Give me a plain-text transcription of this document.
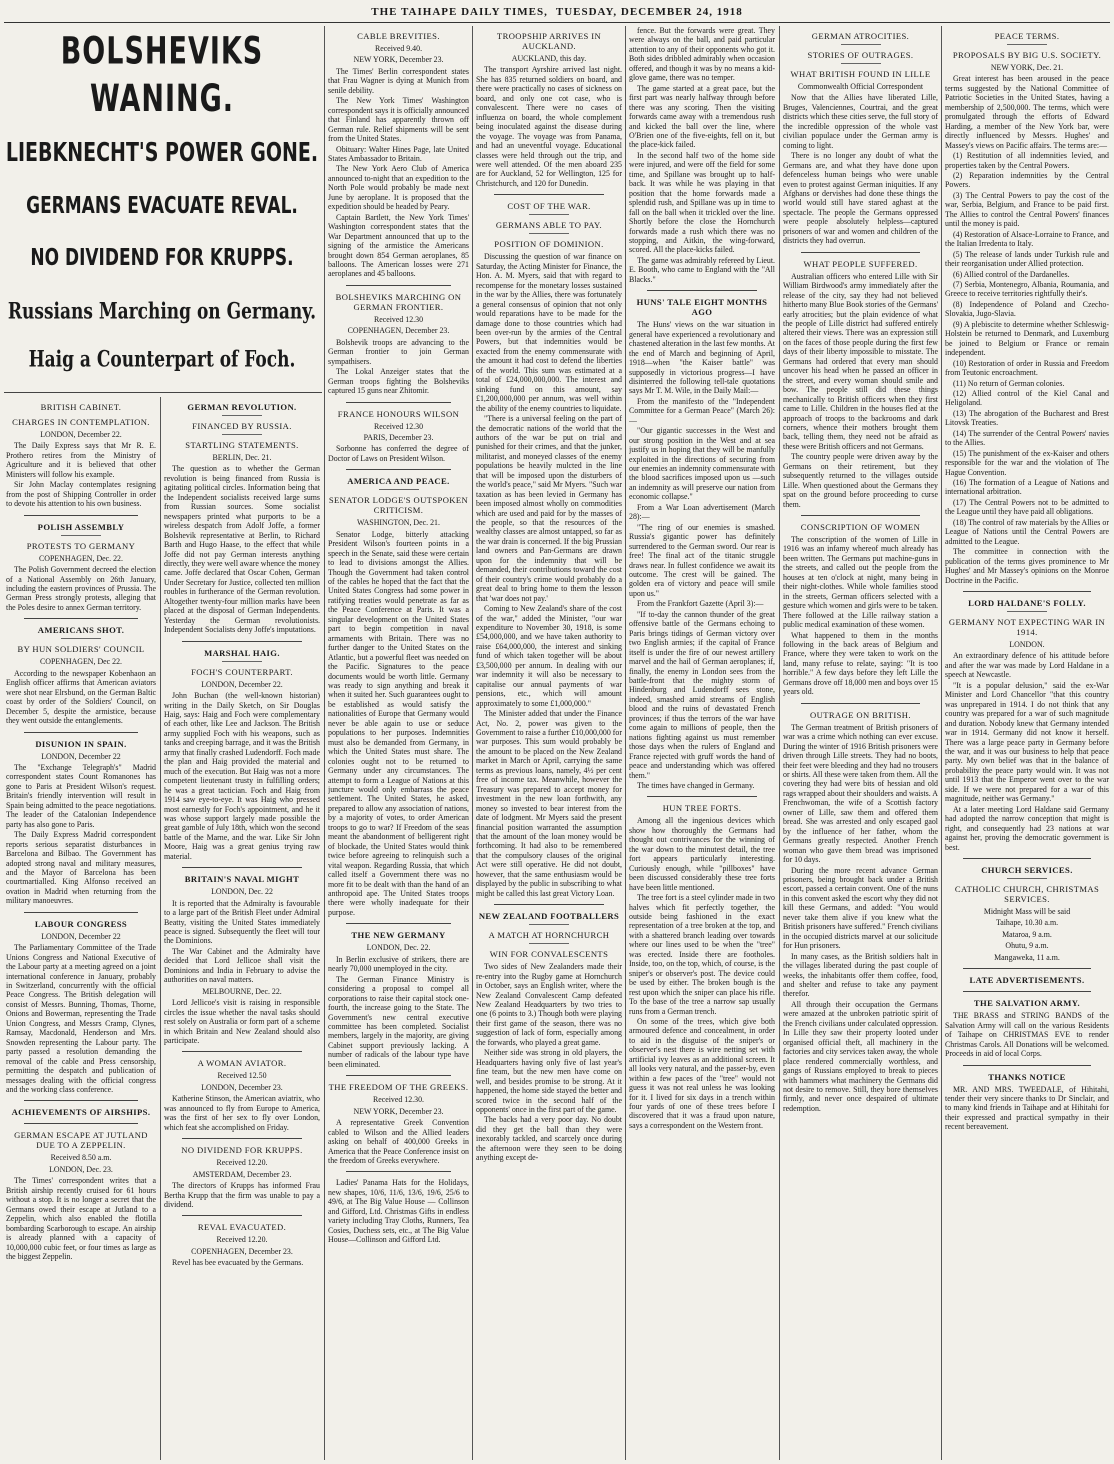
THE TAIHAPE DAILY TIMES, TUESDAY, DECEMBER 24, 1918
BOLSHEVIKS WANING.
LIEBKNECHT'S POWER GONE.
GERMANS EVACUATE REVAL.
NO DIVIDEND FOR KRUPPS.
Russians Marching on Germany.
Haig a Counterpart of Foch.
BRITISH CABINET.
CHARGES IN CONTEMPLATION.
LONDON, December 22.

The Daily Express says that Mr R. E. Prothero retires from the Ministry of Agriculture and it is believed that other Ministers will follow his example.

Sir John Maclay contemplates resigning from the post of Shipping Controller in order to devote his attention to his own business.

POLISH ASSEMBLY
PROTESTS TO GERMANY
COPENHAGEN, Dec. 22.

The Polish Government decreed the election of a National Assembly on 26th January, including the eastern provinces of Prussia. The German Press strongly protests, alleging that the Poles desire to annex German territory.

AMERICANS SHOT.
BY HUN SOLDIERS' COUNCIL
COPENHAGEN, Dec 22.

According to the newspaper Kobenhaon an English officer affirms that American aviators were shot near Elrsbund, on the German Baltic coast by order of the Soldiers' Council, on December 5, despite the armistice, because they went outside the entanglements.

DISUNION IN SPAIN.
LONDON, December 22

The "Exchange Telegraph's" Madrid correspondent states Count Romanones has gone to Paris at President Wilson's request. Britain's friendly intervention will result in Spain being admitted to the peace negotiations. The leader of the Catalonian Independence party has also gone to Paris.

The Daily Express Madrid correspondent reports serious separatist disturbances in Barcelona and Bilbao. The Government has adopted strong naval and military measures, and the Mayor of Barcelona has been courtmartialled. King Alfonso received an ovation in Madrid when returning from the military manoeuvres.

LABOUR CONGRESS
LONDON, December 22

The Parliamentary Committee of the Trade Unions Congress and National Executive of the Labour party at a meeting agreed on a joint international conference in January, probably in Switzerland, concurrently with the official Peace Congress. The British delegation will consist of Messrs. Bunning, Thomas, Thorne, Onions and Bowerman, representing the Trade Union Congress, and Messrs Cramp, Clynes, Ramsay, Macdonald, Henderson and Mrs. Snowden representing the Labour party. The party passed a resolution demanding the removal of the cable and Press censorship, permitting the despatch and publication of messages dealing with the official congress and the working class conference.

ACHIEVEMENTS OF AIRSHIPS.
GERMAN ESCAPE AT JUTLAND DUE TO A ZEPPELIN.
Received 8.50 a.m.
LONDON, Dec. 23.

The Times' correspondent writes that a British airship recently cruised for 61 hours without a stop. It is no longer a secret that the Germans owed their escape at Jutland to a Zeppelin, which also enabled the flotilla bombarding Scarborough to escape. An airship is already planned with a capacity of 10,000,000 cubic feet, or four times as large as the biggest Zeppelin.

GERMAN REVOLUTION.
FINANCED BY RUSSIA.
STARTLING STATEMENTS.
BERLIN, Dec. 21.

The question as to whether the German revolution is being financed from Russia is agitating political circles. Information being that the Independent socialists received large sums from Russian sources. Some socialist newspapers printed what purports to be a wireless despatch from Adolf Joffe, a former Bolshevik representative at Berlin, to Richard Barth and Hugo Haase, to the effect that while Joffe did not pay German interests anything directly, they were well aware whence the money came. Joffe declared that Oscar Cohen, German Under Secretary for Justice, collected ten million roubles in furtherance of the German revolution. Altogether twenty-four million marks have been placed at the disposal of German Independents. Yesterday the German revolutionists. Independent Socialists deny Joffe's imputations.

MARSHAL HAIG.
FOCH'S COUNTERPART.
LONDON, December 22.

John Buchan (the well-known historian) writing in the Daily Sketch, on Sir Douglas Haig, says: Haig and Foch were complementary of each other, like Lee and Jackson. The British army supplied Foch with his weapons, such as tanks and creeping barrage, and it was the British army that finally crashed Ludendorff. Foch made the plan and Haig provided the material and much of the execution. But Haig was not a more competent lieutenant trusty in fulfilling orders; he was a great tactician. Foch and Haig from 1914 saw eye-to-eye. It was Haig who pressed most earnestly for Foch's appointment, and he it was whose support largely made possible the great gamble of July 18th, which won the second battle of the Marne, and the war. Like Sir John Moore, Haig was a great genius trying raw material.

BRITAIN'S NAVAL MIGHT
LONDON, Dec. 22

It is reported that the Admiralty is favourable to a large part of the British Fleet under Admiral Beatty, visiting the United States immediately peace is signed. Subsequently the fleet will tour the Dominions.

The War Cabinet and the Admiralty have decided that Lord Jellicoe shall visit the Dominions and India in February to advise the authorities on naval matters.

MELBOURNE, Dec. 22.

Lord Jellicoe's visit is raising in responsible circles the issue whether the naval tasks should rest solely on Australia or form part of a scheme in which Britain and New Zealand should also participate.

A WOMAN AVIATOR.
Received 12.50
LONDON, December 23.

Katherine Stinson, the American aviatrix, who was announced to fly from Europe to America, was the first of her sex to fly over London, which feat she accomplished on Friday.

NO DIVIDEND FOR KRUPPS.
Received 12.20.
AMSTERDAM, December 23.

The directors of Krupps has informed Frau Bertha Krupp that the firm was unable to pay a dividend.

REVAL EVACUATED.
Received 12.20.
COPENHAGEN, December 23.

Revel has bee evacuated by the Germans.

CABLE BREVITIES.
Received 9.40.
NEW YORK, December 23.

The Times' Berlin correspondent states that Frau Wagner is dying at Munich from senile debility.

The New York Times' Washington correspondent says it is officially announced that Finland has apparently thrown off German rule. Relief shipments will be sent from the United States.

Obituary: Walter Hines Page, late United States Ambassador to Britain.

The New York Aero Club of America announced to-night that an expedition to the North Pole would probably be made next June by aeroplane. It is proposed that the expedition should be headed by Peary.

Captain Bartlett, the New York Times' Washington correspondent states that the War Department announced that up to the signing of the armistice the Americans brought down 854 German aeroplanes, 85 balloons. The American losses were 271 aeroplanes and 45 balloons.

BOLSHEVIKS MARCHING ON GERMAN FRONTIER.
Received 12.30
COPENHAGEN, December 23.

Bolshevik troops are advancing to the German frontier to join German sympathisers.

The Lokal Anzeiger states that the German troops fighting the Bolsheviks captured 15 guns near Zhitomir.

FRANCE HONOURS WILSON
Received 12.30
PARIS, December 23.

Sorbonne has conferred the degree of Doctor of Laws on President Wilson.

AMERICA AND PEACE.
SENATOR LODGE'S OUTSPOKEN CRITICISM.
WASHINGTON, Dec. 21.

Senator Lodge, bitterly attacking President Wilson's fourteen points in a speech in the Senate, said these were certain to lead to divisions amongst the Allies. Though the Government had taken control of the cables he hoped that the fact that the United States Congress had some power in ratifying treaties would penetrate as far as the Peace Conference at Paris. It was a singular development on the United States part to begin competition in naval armaments with Britain. There was no further danger to the United States on the Atlantic, but a powerful fleet was needed on the Pacific. Signatures to the peace documents would be worth little. Germany was ready to sign anything and break it when it suited her. Such guarantees ought to be established as would satisfy the nationalities of Europe that Germany would never be able again to use or seduce populations to her purposes. Indemnities must also be demanded from Germany, in which the United States must share. The colonies ought not to be returned to Germany under any circumstances. The attempt to form a League of Nations at this juncture would only embarrass the peace settlement. The United States, he asked, prepared to allow any association of nations, by a majority of votes, to order American troops to go to war? If Freedom of the seas meant the abandonment of belligerent right of blockade, the United States would think twice before agreeing to relinquish such a vital weapon. Regarding Russia, that which called itself a Government there was no more fit to be dealt with than the hand of an anthropoid ape. The United States troops there were wholly inadequate for their purpose.

THE NEW GERMANY
LONDON, Dec. 22.

In Berlin exclusive of strikers, there are nearly 70,000 unemployed in the city.

The German Finance Ministry is considering a proposal to compel all corporations to raise their capital stock one-fourth, the increase going to the State. The Government's new central executive committee has been completed. Socialist members, largely in the majority, are giving Cabinet support previously lacking. A number of radicals of the labour type have been eliminated.

THE FREEDOM OF THE GREEKS.
Received 12.30.
NEW YORK, December 23.

A representative Greek Convention cabled to Wilson and the Allied leaders asking on behalf of 400,000 Greeks in America that the Peace Conference insist on the freedom of Greeks everywhere.

Ladies' Panama Hats for the Holidays, new shapes, 10/6, 11/6, 13/6, 19/6, 25/6 to 49/6, at The Big Value House — Collinson and Gifford, Ltd. Christmas Gifts in endless variety including Tray Cloths, Runners, Tea Cosies, Duchess sets, etc., at The Big Value House—Collinson and Gifford Ltd.

TROOPSHIP ARRIVES IN AUCKLAND.
AUCKLAND, this day.

The transport Ayrshire arrived last night. She has 835 returned soldiers on board, and there were practically no cases of sickness on board, and only one cot case, who is convalescent. There were no cases of influenza on board, the whole complement being inoculated against the disease during the voyage. The voyage was from Panama, and had an uneventful voyage. Educational classes were held through out the trip, and were well attended. Of the men aboard 235 are for Auckland, 52 for Wellington, 125 for Christchurch, and 120 for Dunedin.

COST OF THE WAR.
GERMANS ABLE TO PAY.
POSITION OF DOMINION.

Discussing the question of war finance on Saturday, the Acting Minister for Finance, the Hon. A. M. Myers, said that with regard to recompense for the monetary losses sustained in the war by the Allies, there was fortunately a general consensus of opinion that not only would reparations have to be made for the damage done to those countries which had been over-run by the armies of the Central Powers, but that indemnities would be exacted from the enemy commensurate with the amount it had cost to defend the liberties of the world. This sum was estimated at a total of £24,000,000,000. The interest and sinking fund on this amount, say £1,200,000,000 per annum, was well within the ability of the enemy countries to liquidate.

"There is a universal feeling on the part of the democratic nations of the world that the authors of the war be put on trial and punished for their crimes, and that the junker, militarist, and moneyed classes of the enemy populations be heavily mulcted in the line that will be imposed upon the disturbers of the world's peace," said Mr Myers. "Such war taxation as has been levied in Germany has been imposed almost wholly on commodities which are used and paid for by the masses of the people, so that the resources of the wealthy classes are almost untapped, so far as the war drain is concerned. If the big Prussian land owners and Pan-Germans are drawn upon for the indemnity that will be demanded, their contributions toward the cost of their country's crime would probably do a great deal to bring home to them the lesson that 'war does not pay.'

Coming to New Zealand's share of the cost of the war," added the Minister, "our war expenditure to November 30, 1918, is some £54,000,000, and we have taken authority to raise £64,000,000, the interest and sinking fund of which taken together will be about £3,500,000 per annum. In dealing with our war indemnity it will also be necessary to capitalise our annual payments of war pensions, etc., which will amount approximately to some £1,000,000."

The Minister added that under the Finance Act, No. 2, power was given to the Government to raise a further £10,000,000 for war purposes. This sum would probably be the amount to be placed on the New Zealand market in March or April, carrying the same terms as previous loans, namely, 4½ per cent free of income tax. Meanwhile, however the Treasury was prepared to accept money for investment in the new loan forthwith, any money so invested to bear interest from the date of lodgment. Mr Myers said the present financial position warranted the assumption that the amount of the loan money would be forthcoming. It had also to be remembered that the compulsory clauses of the original Act were still operative. He did not doubt, however, that the same enthusiasm would be displayed by the public in subscribing to what might be called this last great Victory Loan.

NEW ZEALAND FOOTBALLERS
A MATCH AT HORNCHURCH
WIN FOR CONVALESCENTS

Two sides of New Zealanders made their re-entry into the Rugby game at Hornchurch in October, says an English writer, where the New Zealand Convalescent Camp defeated New Zealand Headquarters by two tries to one (6 points to 3.) Though both were playing their first game of the season, there was no suggestion of lack of form, especially among the forwards, who played a great game.

Neither side was strong in old players, the Headquarters having only five of last year's fine team, but the new men have come on well, and besides promise to be strong. At it happened, the home side stayed the better and scored twice in the second half of the opponents' once in the first part of the game.

The backs had a very poor day. No doubt did they get the ball than they were inexorably tackled, and scarcely once during the afternoon were they seen to be doing anything except de-

fence. But the forwards were great. They were always on the ball, and paid particular attention to any of their opponents who got it. Both sides dribbled admirably when occasion offered, and though it was by no means a kid-glove game, there was no temper.

The game started at a great pace, but the first part was nearly halfway through before there was any scoring. Then the visiting forwards came away with a tremendous rush and kicked the ball over the line, where O'Brien one of the five-eights, fell on it, but the place-kick failed.

In the second half two of the home side were injured, and were off the field for some time, and Spillane was brought up to half-back. It was while he was playing in that position that the home forwards made a splendid rush, and Spillane was up in time to fall on the ball when it trickled over the line. Shortly before the close the Hornchurch forwards made a rush which there was no stopping, and Aitkin, the wing-forward, scored. All the place-kicks failed.

The game was admirably refereed by Lieut. E. Booth, who came to England with the "All Blacks."

HUNS' TALE EIGHT MONTHS AGO

The Huns' views on the war situation in general have experienced a revolutionary and chastened alteration in the last few months. At the end of March and beginning of April, 1918—when "the Kaiser battle" was supposedly in victorious progress—I have disinterred the following tell-tale quotations says Mr T. M. Wile, in the Daily Mail:—

From the manifesto of the "Independent Committee for a German Peace" (March 26):—

"Our gigantic successes in the West and our strong position in the West and at sea justify us in hoping that they will be manfully exploited in the directions of securing from our enemies an indemnity commensurate with the blood sacrifices imposed upon us —such an indemnity as will preserve our nation from economic collapse."

From a War Loan advertisement (March 28):—

"The ring of our enemies is smashed. Russia's gigantic power has definitely surrendered to the German sword. Our rear is free! The final act of the titanic struggle draws near. In fullest confidence we await its outcome. The crest will be gained. The golden era of victory and peace will smile upon us."

From the Frankfort Gazette (April 3):—

"If to-day the cannon thunder of the great offensive battle of the Germans echoing to Paris brings tidings of German victory over two English armies; if the capital of France itself is under the fire of our newest artillery marvel and the hail of German aeroplanes; if, finally, the enemy in London sees from the battle-front that the mighty storm of Hindenburg and Ludendorff sees stone, indeed, smashed amid streams of English blood and the ruins of devastated French provinces; if thus the terrors of the war have come again to millions of people, then the nations fighting against us must remember those days when the rulers of England and France rejected with gruff words the hand of peace and understanding which was offered them."

The times have changed in Germany.

HUN TREE FORTS.

Among all the ingenious devices which show how thoroughly the Germans had thought out contrivances for the winning of the war down to the minutest detail, the tree fort appears particularly interesting. Curiously enough, while "pillboxes" have been discussed considerably these tree forts have been little mentioned.

The tree fort is a steel cylinder made in two halves which fit perfectly together, the outside being fashioned in the exact representation of a tree broken at the top, and with a shattered branch leading over towards where our lines used to be when the "tree" was erected. Inside there are footholes. Inside, too, on the top, which, of course, is the sniper's or observer's post. The device could be used by either. The broken bough is the rest upon which the sniper can place his rifle. To the base of the tree a narrow sap usually runs from a German trench.

On some of the trees, which give both armoured defence and concealment, in order to aid in the disguise of the sniper's or observer's nest there is wire netting set with artificial ivy leaves as an additional screen. It all looks very natural, and the passer-by, even within a few paces of the "tree" would not guess it was not real unless he was looking for it. I lived for six days in a trench within four yards of one of these trees before I discovered that it was a fraud upon nature, says a correspondent on the Western front.

GERMAN ATROCITIES.
STORIES OF OUTRAGES.
WHAT BRITISH FOUND IN LILLE
Commonwealth Official Correspondent

Now that the Allies have liberated Lille, Bruges, Valenciennes, Courtrai, and the great districts which these cities serve, the full story of the incredible oppression of the whole vast civilian populace under the German army is coming to light.

There is no longer any doubt of what the Germans are, and what they have done upon defenceless human beings who were unable even to protest against German iniquities. If any Afghans or dervishes had done these things the world would still have stared aghast at the spectacle. The people the Germans oppressed were people absolutely helpless—captured prisoners of war and women and children of the districts they had overrun.

WHAT PEOPLE SUFFERED.

Australian officers who entered Lille with Sir William Birdwood's army immediately after the release of the city, say they had not believed hitherto many Blue Book stories of the Germans' early atrocities; but the plain evidence of what the people of Lille district had suffered entirely altered their views. There was an expression still on the faces of those people during the first few days of their liberty impossible to misstate. The Germans had ordered that every man should uncover his head when he passed an officer in the street, and every woman should smile and bow. The people still did these things mechanically to British officers when they first came to Lille. Children in the houses fled at the approach of troops to the backrooms and dark corners, whence their mothers brought them back, telling them, they need not be afraid as these were British officers and not Germans.

The country people were driven away by the Germans on their retirement, but they subsequently returned to the villages outside Lille. When questioned about the Germans they spat on the ground before proceeding to curse them.

CONSCRIPTION OF WOMEN

The conscription of the women of Lille in 1916 was an infamy whereof much already has been written. The Germans put machine-guns in the streets, and called out the people from the houses at ten o'clock at night, many being in their night-clothes. While whole families stood in the streets, German officers selected with a gesture which women and girls were to be taken. There followed at the Lille railway station a public medical examination of these women.

What happened to them in the months following in the back areas of Belgium and France, where they were taken to work on the land, many refuse to relate, saying: "It is too horrible." A few days before they left Lille the Germans drove off 18,000 men and boys over 15 years old.

OUTRAGE ON BRITISH.

The German treatment of British prisoners of war was a crime which nothing can ever excuse. During the winter of 1916 British prisoners were driven through Lille streets. They had no boots, their feet were bleeding and they had no trousers or shirts. All these were taken from them. All the covering they had were bits of hessian and old rags wrapped about their shoulders and waists. A Frenchwoman, the wife of a Scottish factory owner of Lille, saw them and offered them bread. She was arrested and only escaped gaol by the influence of her father, whom the Germans greatly respected. Another French woman who gave them bread was imprisoned for 10 days.

During the more recent advance German prisoners, being brought back under a British escort, passed a certain convent. One of the nuns in this convent asked the escort why they did not kill these Germans, and added: "You would never take them alive if you knew what the British prisoners have suffered." French civilians in the occupied districts marvel at our solicitude for Hun prisoners.

In many cases, as the British soldiers halt in the villages liberated during the past couple of weeks, the inhabitants offer them coffee, food, and shelter and refuse to take any payment therefor.

All through their occupation the Germans were amazed at the unbroken patriotic spirit of the French civilians under calculated oppression. In Lille they saw their property looted under organised official theft, all machinery in the factories and city services taken away, the whole place rendered commercially worthless, and gangs of Russians employed to break to pieces with hammers what machinery the Germans did not desire to remove. Still, they bore themselves firmly, and never once despaired of ultimate redemption.

PEACE TERMS.
PROPOSALS BY BIG U.S. SOCIETY.
NEW YORK, Dec. 21.

Great interest has been aroused in the peace terms suggested by the National Committee of Patriotic Societies in the United States, having a membership of 2,500,000. The terms, which were promulgated through the efforts of Edward Harding, a member of the New York bar, were directly influenced by Messrs. Hughes' and Massey's views on Pacific affairs. The terms are:—

(1) Restitution of all indemnities levied, and properties taken by the Central Powers.

(2) Reparation indemnities by the Central Powers.

(3) The Central Powers to pay the cost of the war, Serbia, Belgium, and France to be paid first. The Allies to control the Central Powers' finances until the money is paid.

(4) Restoration of Alsace-Lorraine to France, and the Italian Irredenta to Italy.

(5) The release of lands under Turkish rule and their reorganisation under Allied protection.

(6) Allied control of the Dardanelles.

(7) Serbia, Montenegro, Albania, Roumania, and Greece to receive territories rightfully their's.

(8) Independence of Poland and Czecho-Slovakia, Jugo-Slavia.

(9) A plebiscite to determine whether Schleswig-Holstein be returned to Denmark, and Luxemburg be joined to Belgium or France or remain independent.

(10) Restoration of order in Russia and Freedom from Teutonic encroachment.

(11) No return of German colonies.

(12) Allied control of the Kiel Canal and Heligoland.

(13) The abrogation of the Bucharest and Brest Litovsk Treaties.

(14) The surrender of the Central Powers' navies to the Allies.

(15) The punishment of the ex-Kaiser and others responsible for the war and the violation of The Hague Convention.

(16) The formation of a League of Nations and international arbitration.

(17) The Central Powers not to be admitted to the League until they have paid all obligations.

(18) The control of raw materials by the Allies or League of Nations until the Central Powers are admitted to the League.

The committee in connection with the publication of the terms gives prominence to Mr Hughes' and Mr Massey's opinions on the Monroe Doctrine in the Pacific.

LORD HALDANE'S FOLLY.
GERMANY NOT EXPECTING WAR IN 1914.
LONDON.

An extraordinary defence of his attitude before and after the war was made by Lord Haldane in a speech at Newcastle.

"It is a popular delusion," said the ex-War Minister and Lord Chancellor "that this country was unprepared in 1914. I do not think that any country was prepared for a war of such magnitude and duration. Nobody knew that Germany intended war in 1914. Germany did not know it herself. There was a large peace party in Germany before the war, and it was our business to help that peace party. My own belief was that in the balance of probability the peace party would win. It was not until 1913 that the Emperor went over to the war side. If we were not prepared for a war of this magnitude, neither was Germany."

At a later meeting Lord Haldane said Germany had adopted the narrow conception that might is right, and consequently had 23 nations at war against her, proving the democratic government is best.

CHURCH SERVICES.
CATHOLIC CHURCH, CHRISTMAS SERVICES.
Midnight Mass will be said
Taihape, 10.30 a.m.
Mataroa, 9 a.m.
Ohutu, 9 a.m.
Mangaweka, 11 a.m.
LATE ADVERTISEMENTS.
THE SALVATION ARMY.

THE BRASS and STRING BANDS of the Salvation Army will call on the various Residents of Taihape on CHRISTMAS EVE to render Christmas Carols. All Donations will be welcomed. Proceeds in aid of local Corps.

THANKS NOTICE

MR. AND MRS. TWEEDALE, of Hihitahi, tender their very sincere thanks to Dr Sinclair, and to many kind friends in Taihape and at Hihitahi for their expressed and practical sympathy in their recent bereavement.
